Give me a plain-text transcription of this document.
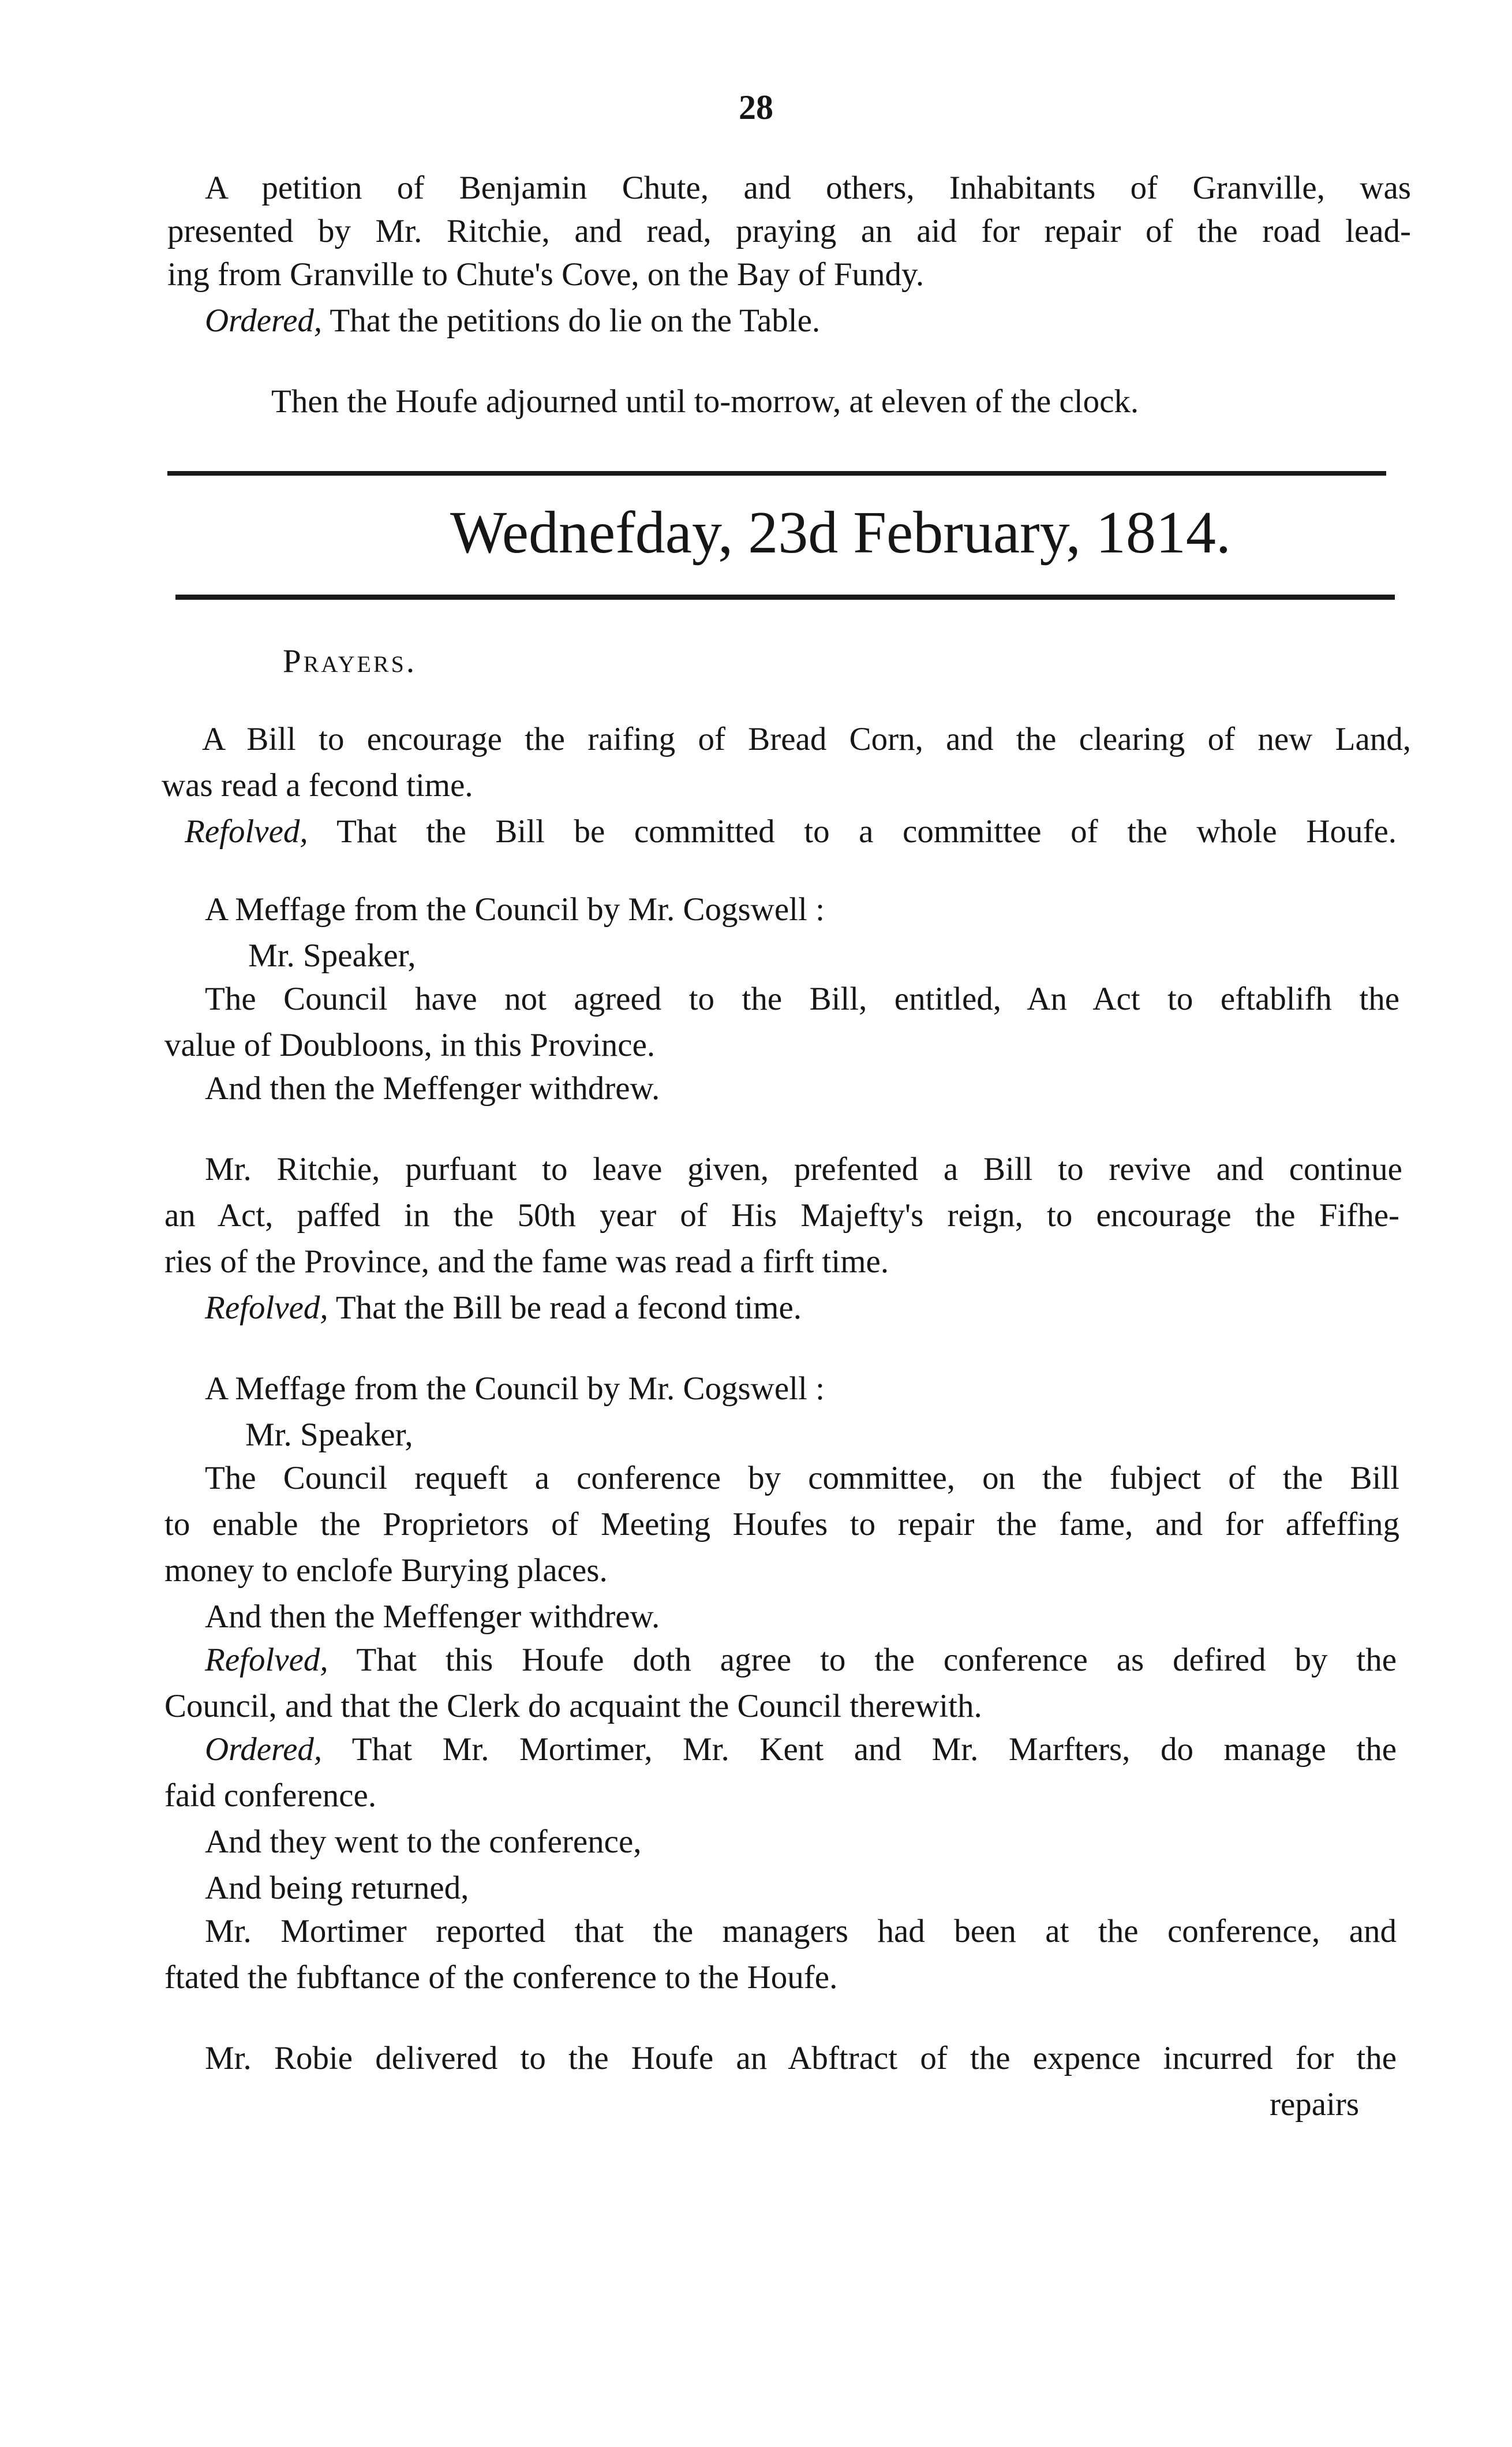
28
A petition of Benjamin Chute, and others, Inhabitants of Granville, was
presented by Mr. Ritchie, and read, praying an aid for repair of the road lead-
ing from Granville to Chute's Cove, on the Bay of Fundy.
Ordered, That the petitions do lie on the Table.
Then the Houfe adjourned until to-morrow, at eleven of the clock.
Wednefday, 23d February, 1814.
Prayers.
A Bill to encourage the raifing of Bread Corn, and the clearing of new Land,
was read a fecond time.
Refolved, That the Bill be committed to a committee of the whole Houfe.
A Meffage from the Council by Mr. Cogswell :
Mr. Speaker,
The Council have not agreed to the Bill, entitled, An Act to eftablifh the
value of Doubloons, in this Province.
And then the Meffenger withdrew.
Mr. Ritchie, purfuant to leave given, prefented a Bill to revive and continue
an Act, paffed in the 50th year of His Majefty's reign, to encourage the Fifhe-
ries of the Province, and the fame was read a firft time.
Refolved, That the Bill be read a fecond time.
A Meffage from the Council by Mr. Cogswell :
Mr. Speaker,
The Council requeft a conference by committee, on the fubject of the Bill
to enable the Proprietors of Meeting Houfes to repair the fame, and for affeffing
money to enclofe Burying places.
And then the Meffenger withdrew.
Refolved, That this Houfe doth agree to the conference as defired by the
Council, and that the Clerk do acquaint the Council therewith.
Ordered, That Mr. Mortimer, Mr. Kent and Mr. Marfters, do manage the
faid conference.
And they went to the conference,
And being returned,
Mr. Mortimer reported that the managers had been at the conference, and
ftated the fubftance of the conference to the Houfe.
Mr. Robie delivered to the Houfe an Abftract of the expence incurred for the
repairs
